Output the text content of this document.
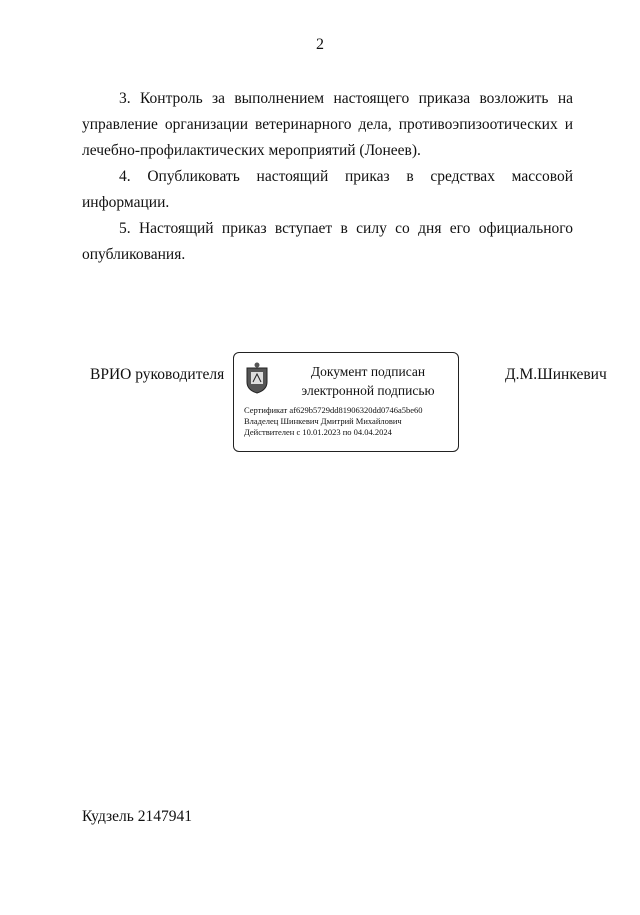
2

3. Контроль за выполнением настоящего приказа возложить на управление организации ветеринарного дела, противоэпизоотических и лечебно-профилактических мероприятий (Лонеев).

4. Опубликовать настоящий приказ в средствах массовой информации.

5. Настоящий приказ вступает в силу со дня его официального опубликования.

ВРИО руководителя	Документ подписан
электронной подписью
Сертификат af629b5729dd81906320dd0746a5be60
Владелец Шинкевич Дмитрий Михайлович
Действителен с 10.01.2023 по 04.04.2024
Д.М.Шинкевич
Кудзель 2147941
